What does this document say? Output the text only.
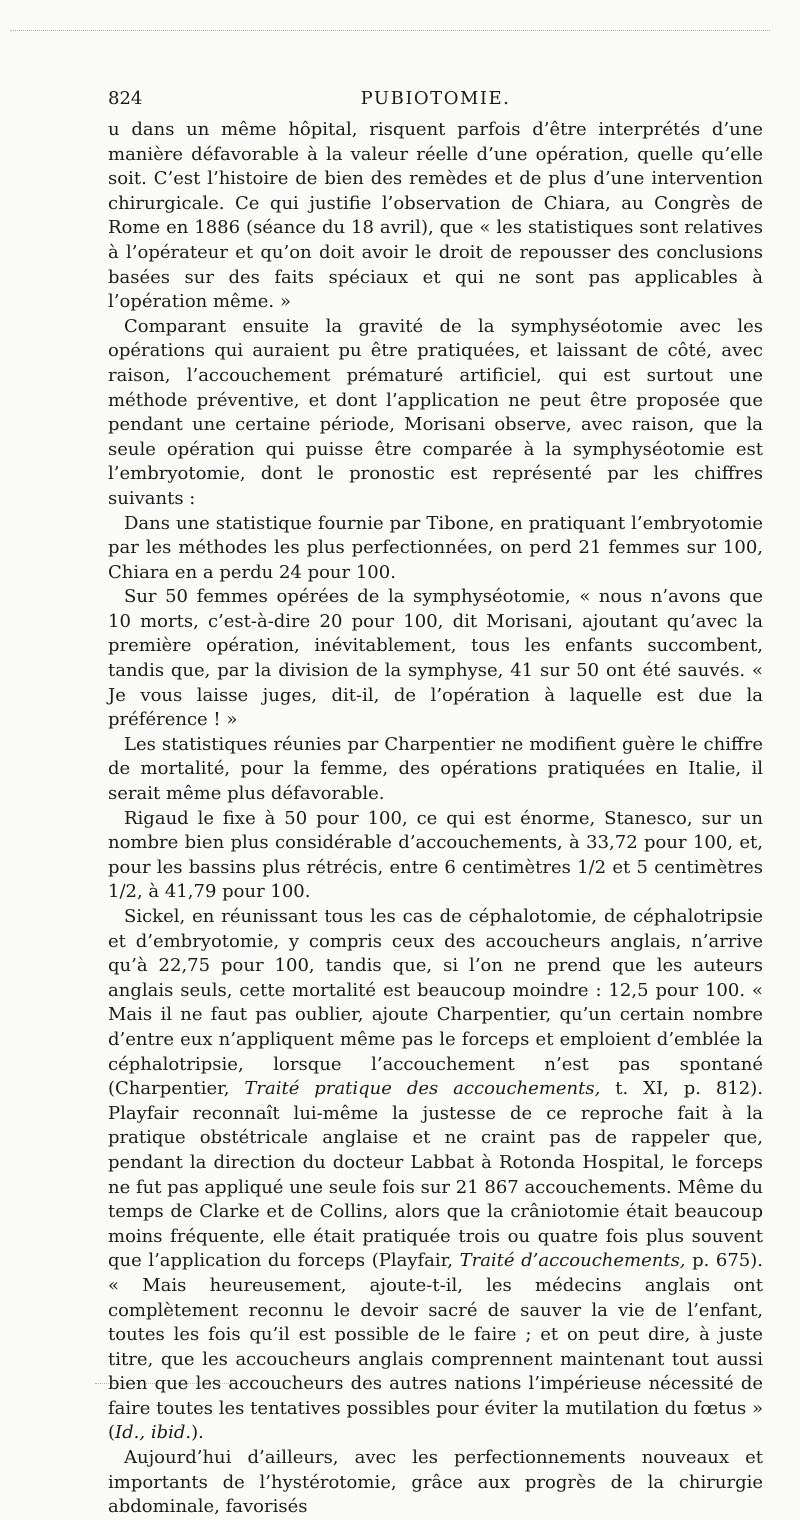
824	PUBIOTOMIE.

u dans un même hôpital, risquent parfois d’être interprétés d’une manière défavorable à la valeur réelle d’une opération, quelle qu’elle soit. C’est l’histoire de bien des remèdes et de plus d’une intervention chirurgicale. Ce qui justifie l’observation de Chiara, au Congrès de Rome en 1886 (séance du 18 avril), que « les statistiques sont relatives à l’opérateur et qu’on doit avoir le droit de repousser des conclusions basées sur des faits spéciaux et qui ne sont pas applicables à l’opération même. »

Comparant ensuite la gravité de la symphyséotomie avec les opérations qui auraient pu être pratiquées, et laissant de côté, avec raison, l’accouchement prématuré artificiel, qui est surtout une méthode préventive, et dont l’application ne peut être proposée que pendant une certaine période, Morisani observe, avec raison, que la seule opération qui puisse être comparée à la symphyséotomie est l’embryotomie, dont le pronostic est représenté par les chiffres suivants :

Dans une statistique fournie par Tibone, en pratiquant l’embryotomie par les méthodes les plus perfectionnées, on perd 21 femmes sur 100, Chiara en a perdu 24 pour 100.

Sur 50 femmes opérées de la symphyséotomie, « nous n’avons que 10 morts, c’est-à-dire 20 pour 100, dit Morisani, ajoutant qu’avec la première opération, inévitablement, tous les enfants succombent, tandis que, par la division de la symphyse, 41 sur 50 ont été sauvés. « Je vous laisse juges, dit-il, de l’opération à laquelle est due la préférence ! »

Les statistiques réunies par Charpentier ne modifient guère le chiffre de mortalité, pour la femme, des opérations pratiquées en Italie, il serait même plus défavorable.

Rigaud le fixe à 50 pour 100, ce qui est énorme, Stanesco, sur un nombre bien plus considérable d’accouchements, à 33,72 pour 100, et, pour les bassins plus rétrécis, entre 6 centimètres 1/2 et 5 centimètres 1/2, à 41,79 pour 100.

Sickel, en réunissant tous les cas de céphalotomie, de céphalotripsie et d’embryotomie, y compris ceux des accoucheurs anglais, n’arrive qu’à 22,75 pour 100, tandis que, si l’on ne prend que les auteurs anglais seuls, cette mortalité est beaucoup moindre : 12,5 pour 100. « Mais il ne faut pas oublier, ajoute Charpentier, qu’un certain nombre d’entre eux n’appliquent même pas le forceps et emploient d’emblée la céphalotripsie, lorsque l’accouchement n’est pas spontané (Charpentier, Traité pratique des accouchements, t. XI, p. 812). Playfair reconnaît lui-même la justesse de ce reproche fait à la pratique obstétricale anglaise et ne craint pas de rappeler que, pendant la direction du docteur Labbat à Rotonda Hospital, le forceps ne fut pas appliqué une seule fois sur 21 867 accouchements. Même du temps de Clarke et de Collins, alors que la crâniotomie était beaucoup moins fréquente, elle était pratiquée trois ou quatre fois plus souvent que l’application du forceps (Playfair, Traité d’accouchements, p. 675). « Mais heureusement, ajoute-t-il, les médecins anglais ont complètement reconnu le devoir sacré de sauver la vie de l’enfant, toutes les fois qu’il est possible de le faire ; et on peut dire, à juste titre, que les accoucheurs anglais comprennent maintenant tout aussi bien que les accoucheurs des autres nations l’impérieuse nécessité de faire toutes les tentatives possibles pour éviter la mutilation du fœtus » (Id., ibid.).

Aujourd’hui d’ailleurs, avec les perfectionnements nouveaux et importants de l’hystérotomie, grâce aux progrès de la chirurgie abdominale, favorisés
